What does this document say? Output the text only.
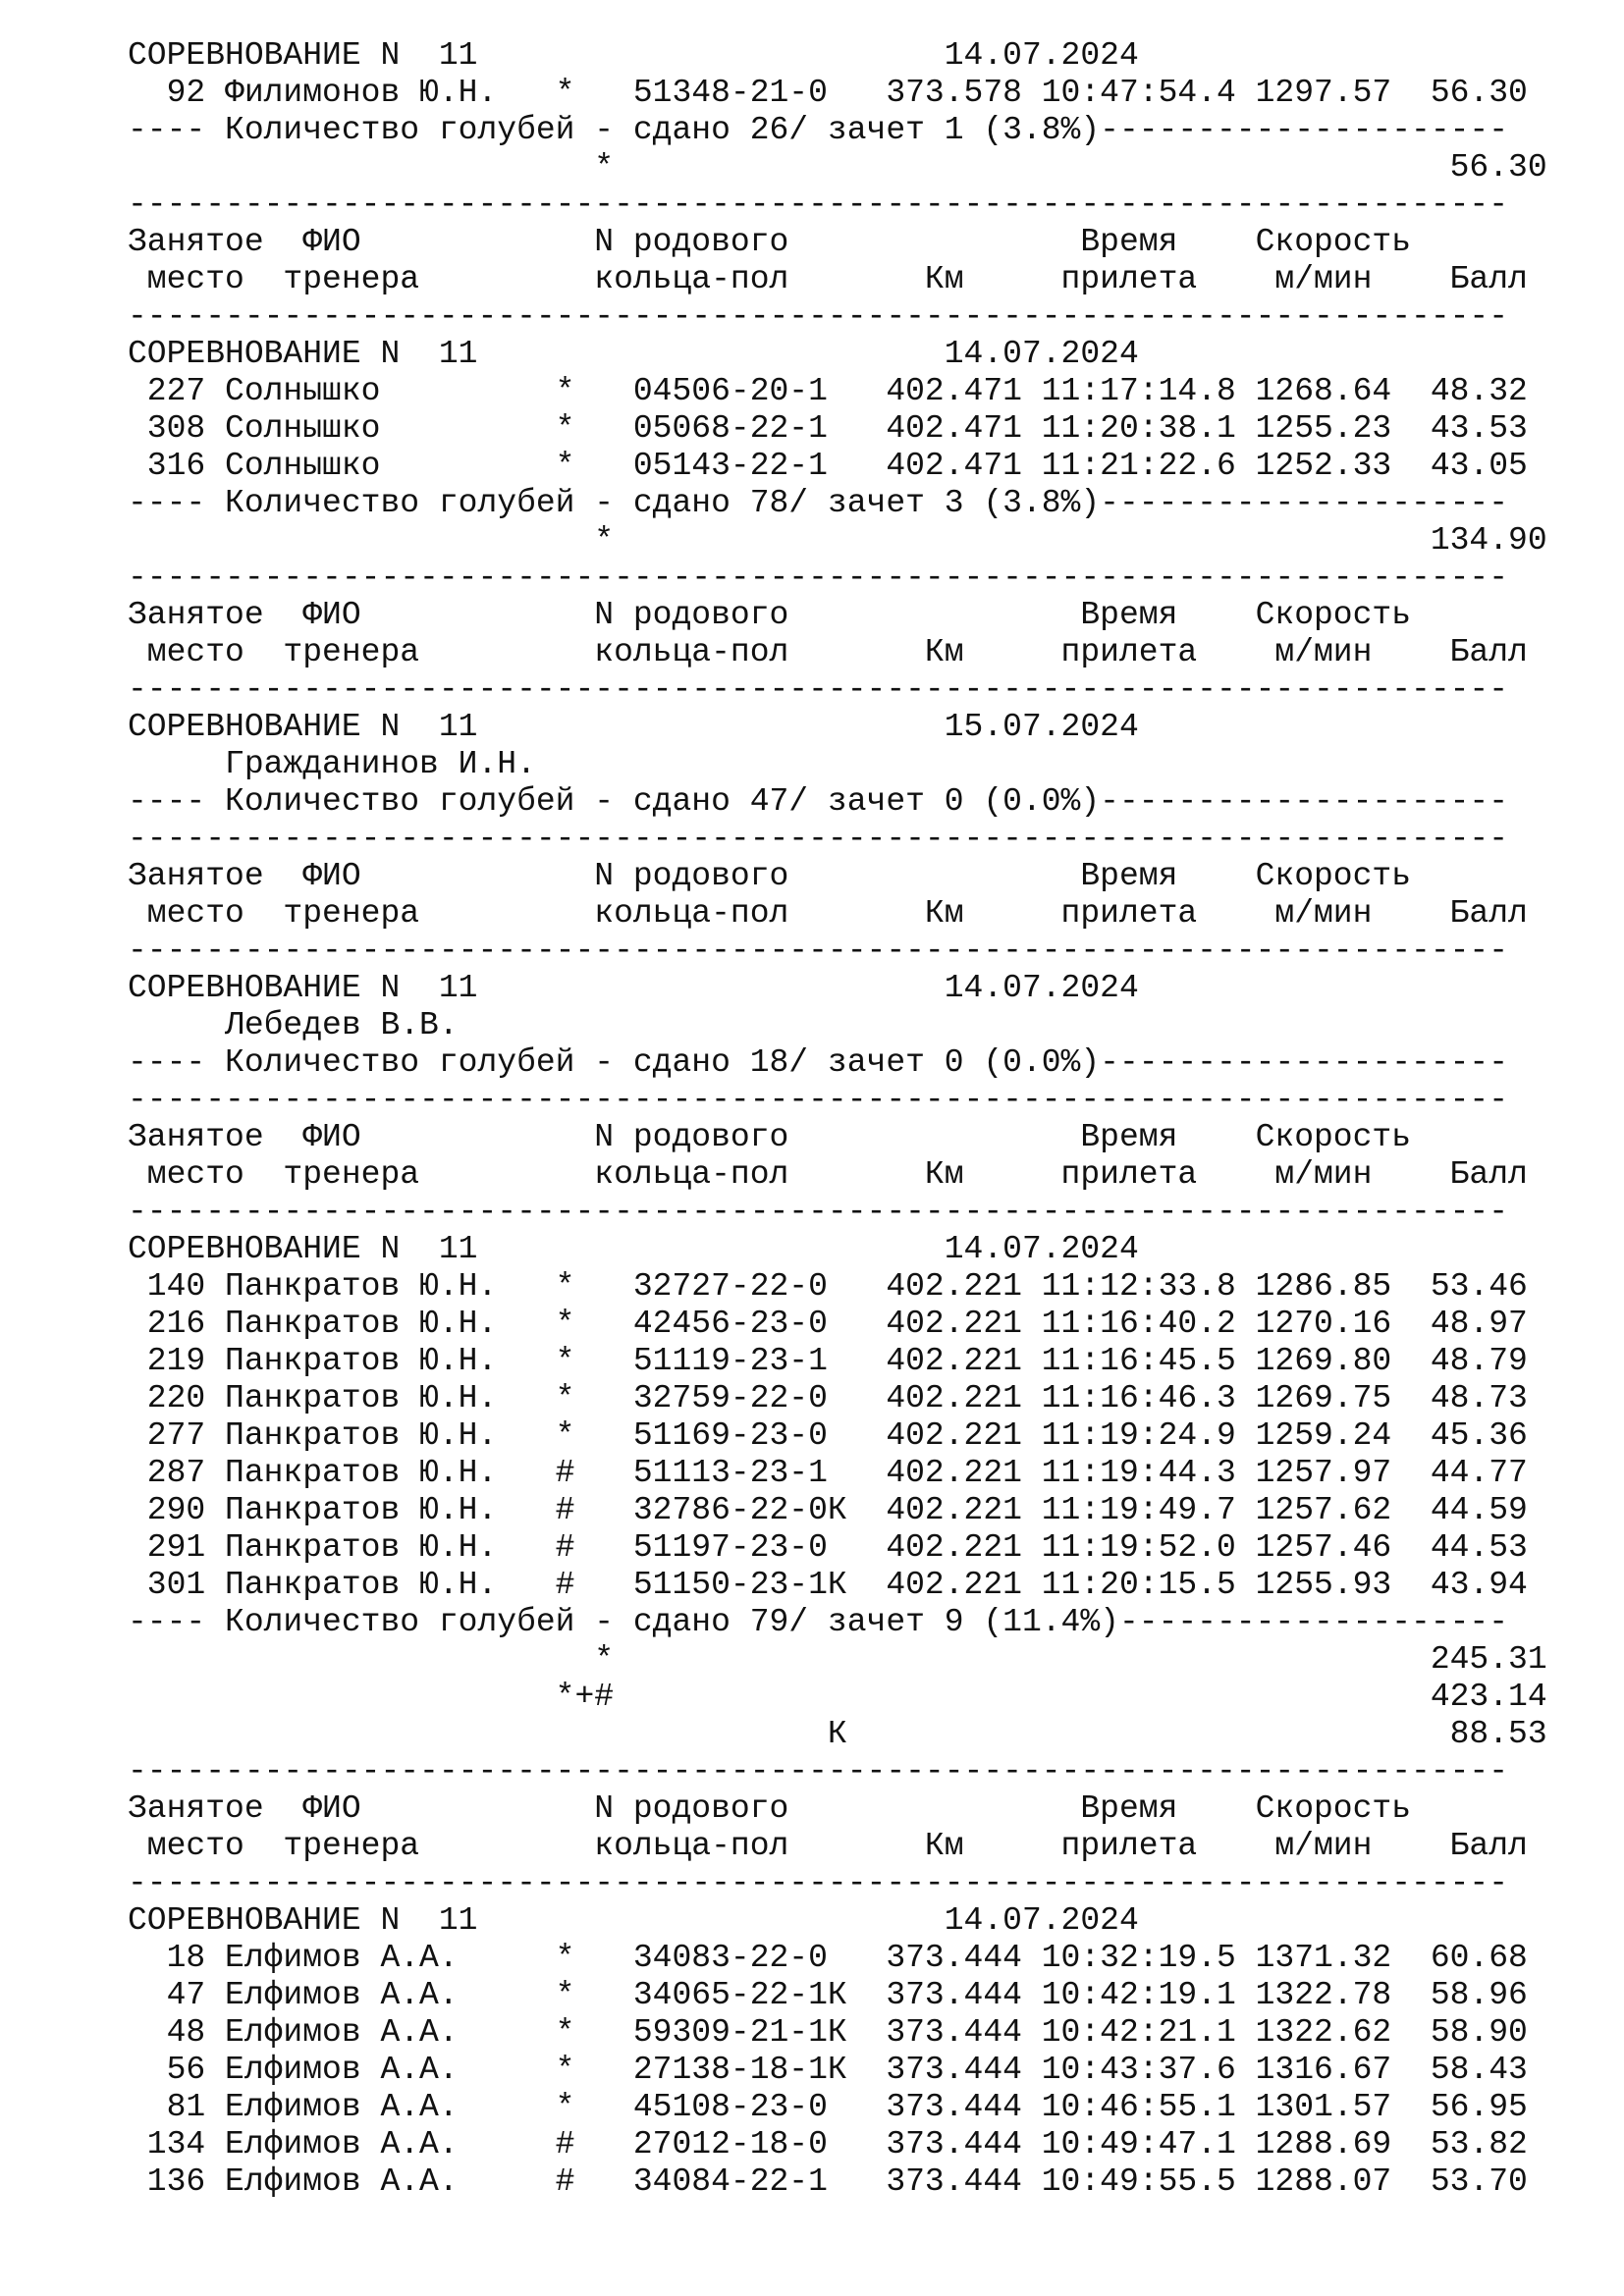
СОРЕВНОВАНИЕ N  11                        14.07.2024
92 Филимонов Ю.Н.   *   51348-21-0   373.578 10:47:54.4 1297.57  56.30
---- Количество голубей - сдано 26/ зачет 1 (3.8%)---------------------
*                                           56.30
-----------------------------------------------------------------------
Занятое  ФИО            N родового               Время    Скорость
место  тренера         кольца-пол       Км     прилета    м/мин    Балл
-----------------------------------------------------------------------
СОРЕВНОВАНИЕ N  11                        14.07.2024
227 Солнышко         *   04506-20-1   402.471 11:17:14.8 1268.64  48.32
308 Солнышко         *   05068-22-1   402.471 11:20:38.1 1255.23  43.53
316 Солнышко         *   05143-22-1   402.471 11:21:22.6 1252.33  43.05
---- Количество голубей - сдано 78/ зачет 3 (3.8%)---------------------
*                                          134.90
-----------------------------------------------------------------------
Занятое  ФИО            N родового               Время    Скорость
место  тренера         кольца-пол       Км     прилета    м/мин    Балл
-----------------------------------------------------------------------
СОРЕВНОВАНИЕ N  11                        15.07.2024
Гражданинов И.Н.
---- Количество голубей - сдано 47/ зачет 0 (0.0%)---------------------
-----------------------------------------------------------------------
Занятое  ФИО            N родового               Время    Скорость
место  тренера         кольца-пол       Км     прилета    м/мин    Балл
-----------------------------------------------------------------------
СОРЕВНОВАНИЕ N  11                        14.07.2024
Лебедев В.В.
---- Количество голубей - сдано 18/ зачет 0 (0.0%)---------------------
-----------------------------------------------------------------------
Занятое  ФИО            N родового               Время    Скорость
место  тренера         кольца-пол       Км     прилета    м/мин    Балл
-----------------------------------------------------------------------
СОРЕВНОВАНИЕ N  11                        14.07.2024
140 Панкратов Ю.Н.   *   32727-22-0   402.221 11:12:33.8 1286.85  53.46
216 Панкратов Ю.Н.   *   42456-23-0   402.221 11:16:40.2 1270.16  48.97
219 Панкратов Ю.Н.   *   51119-23-1   402.221 11:16:45.5 1269.80  48.79
220 Панкратов Ю.Н.   *   32759-22-0   402.221 11:16:46.3 1269.75  48.73
277 Панкратов Ю.Н.   *   51169-23-0   402.221 11:19:24.9 1259.24  45.36
287 Панкратов Ю.Н.   #   51113-23-1   402.221 11:19:44.3 1257.97  44.77
290 Панкратов Ю.Н.   #   32786-22-0К  402.221 11:19:49.7 1257.62  44.59
291 Панкратов Ю.Н.   #   51197-23-0   402.221 11:19:52.0 1257.46  44.53
301 Панкратов Ю.Н.   #   51150-23-1К  402.221 11:20:15.5 1255.93  43.94
---- Количество голубей - сдано 79/ зачет 9 (11.4%)--------------------
*                                          245.31
*+#                                          423.14
К                               88.53
-----------------------------------------------------------------------
Занятое  ФИО            N родового               Время    Скорость
место  тренера         кольца-пол       Км     прилета    м/мин    Балл
-----------------------------------------------------------------------
СОРЕВНОВАНИЕ N  11                        14.07.2024
18 Елфимов А.А.     *   34083-22-0   373.444 10:32:19.5 1371.32  60.68
47 Елфимов А.А.     *   34065-22-1К  373.444 10:42:19.1 1322.78  58.96
48 Елфимов А.А.     *   59309-21-1К  373.444 10:42:21.1 1322.62  58.90
56 Елфимов А.А.     *   27138-18-1К  373.444 10:43:37.6 1316.67  58.43
81 Елфимов А.А.     *   45108-23-0   373.444 10:46:55.1 1301.57  56.95
134 Елфимов А.А.     #   27012-18-0   373.444 10:49:47.1 1288.69  53.82
136 Елфимов А.А.     #   34084-22-1   373.444 10:49:55.5 1288.07  53.70
